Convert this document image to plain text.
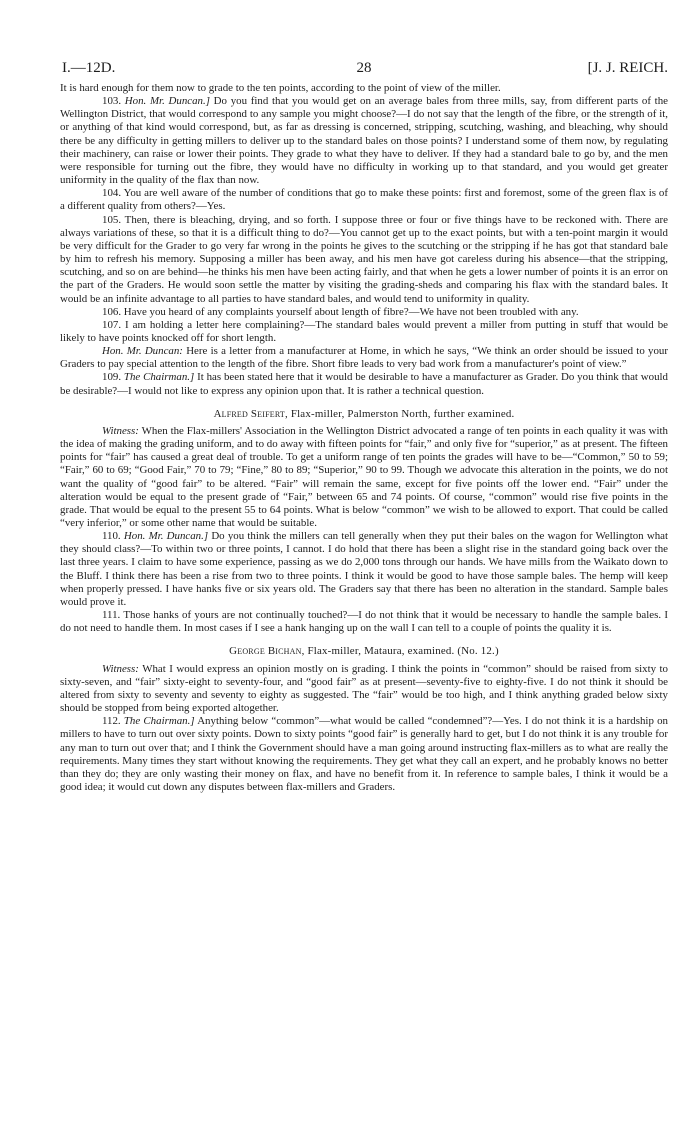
I.—12D.	28	[J. J. REICH.

It is hard enough for them now to grade to the ten points, according to the point of view of the miller.

103. Hon. Mr. Duncan.] Do you find that you would get on an average bales from three mills, say, from different parts of the Wellington District, that would correspond to any sample you might choose?—I do not say that the length of the fibre, or the strength of it, or anything of that kind would correspond, but, as far as dressing is concerned, stripping, scutching, washing, and bleaching, why should there be any difficulty in getting millers to deliver up to the standard bales on those points? I understand some of them now, by regulating their machinery, can raise or lower their points. They grade to what they have to deliver. If they had a standard bale to go by, and the men were responsible for turning out the fibre, they would have no difficulty in working up to that standard, and you would get greater uniformity in the quality of the flax than now.

104. You are well aware of the number of conditions that go to make these points: first and foremost, some of the green flax is of a different quality from others?—Yes.

105. Then, there is bleaching, drying, and so forth. I suppose three or four or five things have to be reckoned with. There are always variations of these, so that it is a difficult thing to do?—You cannot get up to the exact points, but with a ten-point margin it would be very difficult for the Grader to go very far wrong in the points he gives to the scutching or the stripping if he has got that standard bale by him to refresh his memory. Supposing a miller has been away, and his men have got careless during his absence—that the stripping, scutching, and so on are behind—he thinks his men have been acting fairly, and that when he gets a lower number of points it is an error on the part of the Graders. He would soon settle the matter by visiting the grading-sheds and comparing his flax with the standard bales. It would be an infinite advantage to all parties to have standard bales, and would tend to uniformity in quality.

106. Have you heard of any complaints yourself about length of fibre?—We have not been troubled with any.

107. I am holding a letter here complaining?—The standard bales would prevent a miller from putting in stuff that would be likely to have points knocked off for short length.

Hon. Mr. Duncan: Here is a letter from a manufacturer at Home, in which he says, “We think an order should be issued to your Graders to pay special attention to the length of the fibre. Short fibre leads to very bad work from a manufacturer's point of view.”

109. The Chairman.] It has been stated here that it would be desirable to have a manufacturer as Grader. Do you think that would be desirable?—I would not like to express any opinion upon that. It is rather a technical question.

Alfred Seifert, Flax-miller, Palmerston North, further examined.

Witness: When the Flax-millers' Association in the Wellington District advocated a range of ten points in each quality it was with the idea of making the grading uniform, and to do away with fifteen points for “fair,” and only five for “superior,” as at present. The fifteen points for “fair” has caused a great deal of trouble. To get a uniform range of ten points the grades will have to be—“Common,” 50 to 59; “Fair,” 60 to 69; “Good Fair,” 70 to 79; “Fine,” 80 to 89; “Superior,” 90 to 99. Though we advocate this alteration in the points, we do not want the quality of “good fair” to be altered. “Fair” will remain the same, except for five points off the lower end. “Fair” under the alteration would be equal to the present grade of “Fair,” between 65 and 74 points. Of course, “common” would rise five points in the grade. That would be equal to the present 55 to 64 points. What is below “common” we wish to be allowed to export. That could be called “very inferior,” or some other name that would be suitable.

110. Hon. Mr. Duncan.] Do you think the millers can tell generally when they put their bales on the wagon for Wellington what they should class?—To within two or three points, I cannot. I do hold that there has been a slight rise in the standard going back over the last three years. I claim to have some experience, passing as we do 2,000 tons through our hands. We have mills from the Waikato down to the Bluff. I think there has been a rise from two to three points. I think it would be good to have those sample bales. The hemp will keep when properly pressed. I have hanks five or six years old. The Graders say that there has been no alteration in the standard. Sample bales would prove it.

111. Those hanks of yours are not continually touched?—I do not think that it would be necessary to handle the sample bales. I do not need to handle them. In most cases if I see a hank hanging up on the wall I can tell to a couple of points the quality it is.

George Bichan, Flax-miller, Mataura, examined. (No. 12.)

Witness: What I would express an opinion mostly on is grading. I think the points in “common” should be raised from sixty to sixty-seven, and “fair” sixty-eight to seventy-four, and “good fair” as at present—seventy-five to eighty-five. I do not think it should be altered from sixty to seventy and seventy to eighty as suggested. The “fair” would be too high, and I think anything graded below sixty should be stopped from being exported altogether.

112. The Chairman.] Anything below “common”—what would be called “condemned”?—Yes. I do not think it is a hardship on millers to have to turn out over sixty points. Down to sixty points “good fair” is generally hard to get, but I do not think it is any trouble for any man to turn out over that; and I think the Government should have a man going around instructing flax-millers as to what are really the requirements. Many times they start without knowing the requirements. They get what they call an expert, and he probably knows no better than they do; they are only wasting their money on flax, and have no benefit from it. In reference to sample bales, I think it would be a good idea; it would cut down any disputes between flax-millers and Graders.
